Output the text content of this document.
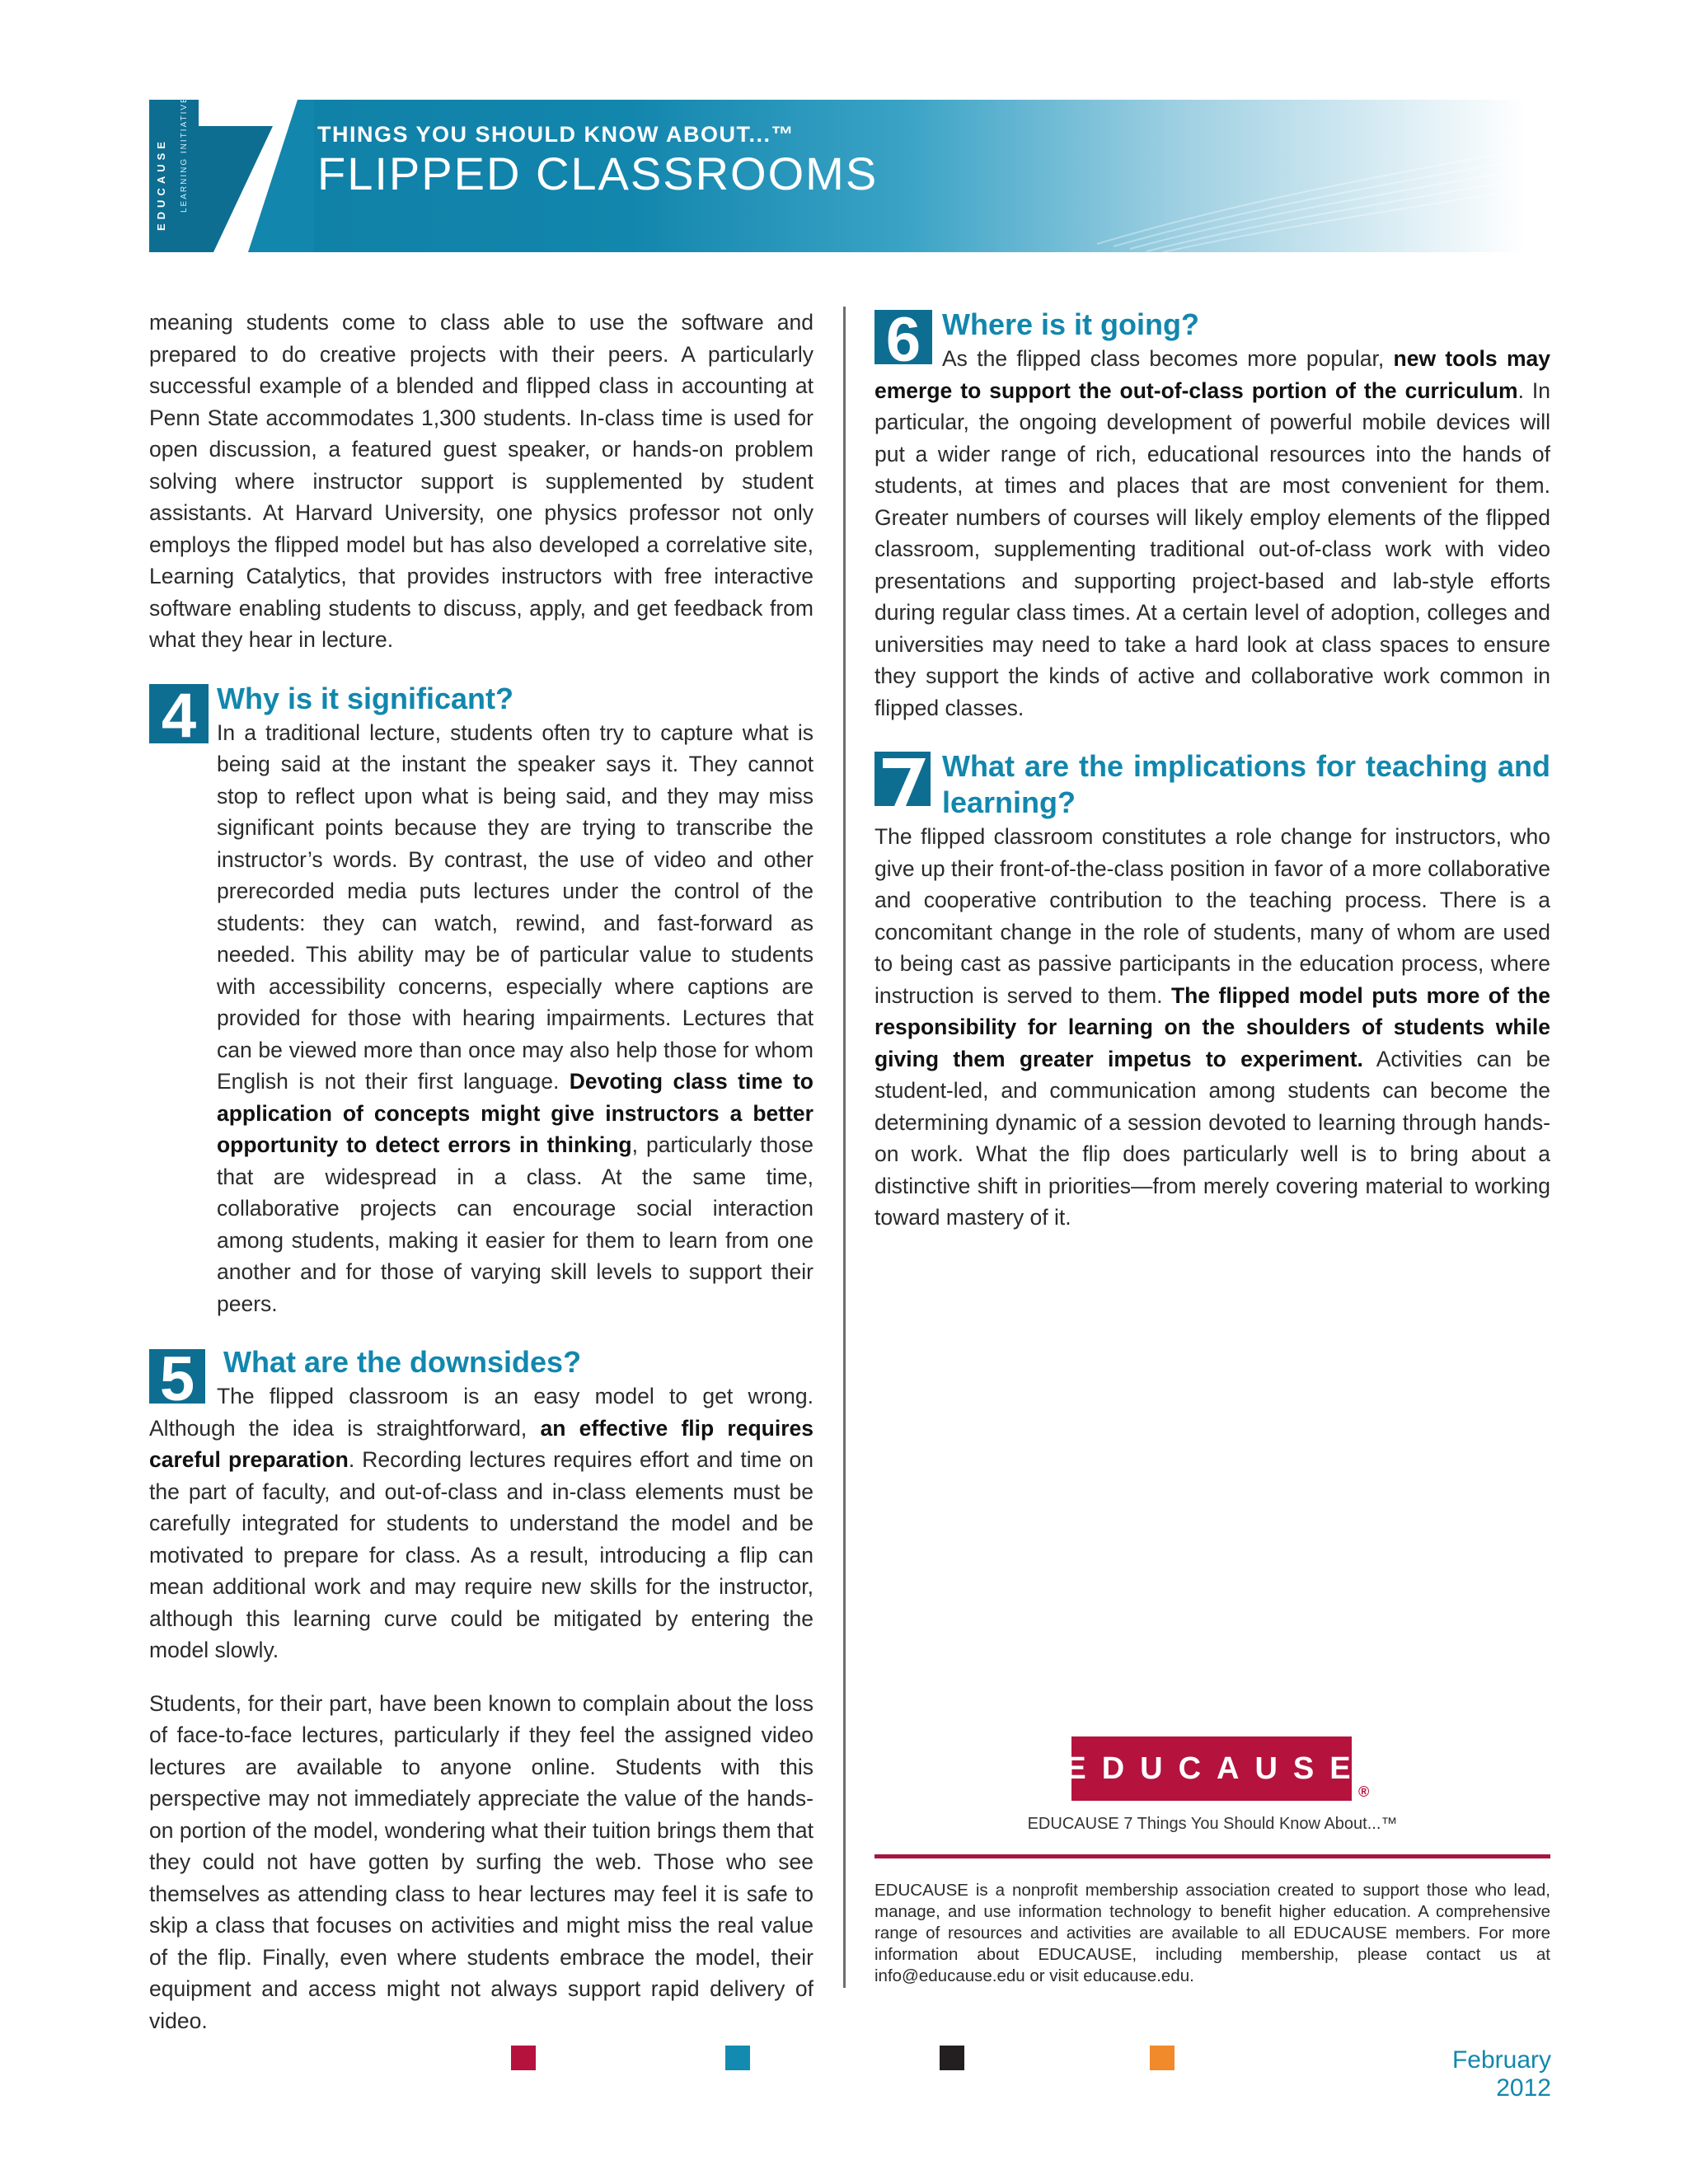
EDUCAUSE LEARNING INITIATIVE	THINGS YOU SHOULD KNOW ABOUT...™
FLIPPED CLASSROOMS

meaning students come to class able to use the software and prepared to do creative projects with their peers. A particularly successful example of a blended and flipped class in accounting at Penn State accommodates 1,300 students. In-class time is used for open discussion, a featured guest speaker, or hands-on problem solving where instructor support is supplemented by student assistants. At Harvard University, one physics professor not only employs the flipped model but has also developed a correlative site, Learning Catalytics, that provides instructors with free interactive software enabling students to discuss, apply, and get feedback from what they hear in lecture.

4 Why is it significant?

In a traditional lecture, students often try to capture what is being said at the instant the speaker says it. They cannot stop to reflect upon what is being said, and they may miss significant points because they are trying to transcribe the instructor’s words. By contrast, the use of video and other prerecorded media puts lectures under the control of the students: they can watch, rewind, and fast-forward as needed. This ability may be of particular value to students with accessibility concerns, especially where captions are provided for those with hearing impairments. Lectures that can be viewed more than once may also help those for whom English is not their first language. Devoting class time to application of concepts might give instructors a better opportunity to detect errors in thinking, particularly those that are widespread in a class. At the same time, collaborative projects can encourage social interaction among students, making it easier for them to learn from one another and for those of varying skill levels to support their peers.

5 What are the downsides?

The flipped classroom is an easy model to get wrong. Although the idea is straightforward, an effective flip requires careful preparation. Recording lectures requires effort and time on the part of faculty, and out-of-class and in-class elements must be carefully integrated for students to understand the model and be motivated to prepare for class. As a result, introducing a flip can mean additional work and may require new skills for the instructor, although this learning curve could be mitigated by entering the model slowly.

Students, for their part, have been known to complain about the loss of face-to-face lectures, particularly if they feel the assigned video lectures are available to anyone online. Students with this perspective may not immediately appreciate the value of the hands-on portion of the model, wondering what their tuition brings them that they could not have gotten by surfing the web. Those who see themselves as attending class to hear lectures may feel it is safe to skip a class that focuses on activities and might miss the real value of the flip. Finally, even where students embrace the model, their equipment and access might not always support rapid delivery of video.

6 Where is it going?

As the flipped class becomes more popular, new tools may emerge to support the out-of-class portion of the curriculum. In particular, the ongoing development of powerful mobile devices will put a wider range of rich, educational resources into the hands of students, at times and places that are most convenient for them. Greater numbers of courses will likely employ elements of the flipped classroom, supplementing traditional out-of-class work with video presentations and supporting project-based and lab-style efforts during regular class times. At a certain level of adoption, colleges and universities may need to take a hard look at class spaces to ensure they support the kinds of active and collaborative work common in flipped classes.

What are the implications for teaching and learning?

The flipped classroom constitutes a role change for instructors, who give up their front-of-the-class position in favor of a more collaborative and cooperative contribution to the teaching process. There is a concomitant change in the role of students, many of whom are used to being cast as passive participants in the education process, where instruction is served to them. The flipped model puts more of the responsibility for learning on the shoulders of students while giving them greater impetus to experiment. Activities can be student-led, and communication among students can become the determining dynamic of a session devoted to learning through hands-on work. What the flip does particularly well is to bring about a distinctive shift in priorities—from merely covering material to working toward mastery of it.

EDUCAUSE
®
EDUCAUSE 7 Things You Should Know About...™
EDUCAUSE is a nonprofit membership association created to support those who lead, manage, and use information technology to benefit higher education. A comprehensive range of resources and activities are available to all EDUCAUSE members. For more information about EDUCAUSE, including membership, please contact us at info@educause.edu or visit educause.edu.
February 2012
